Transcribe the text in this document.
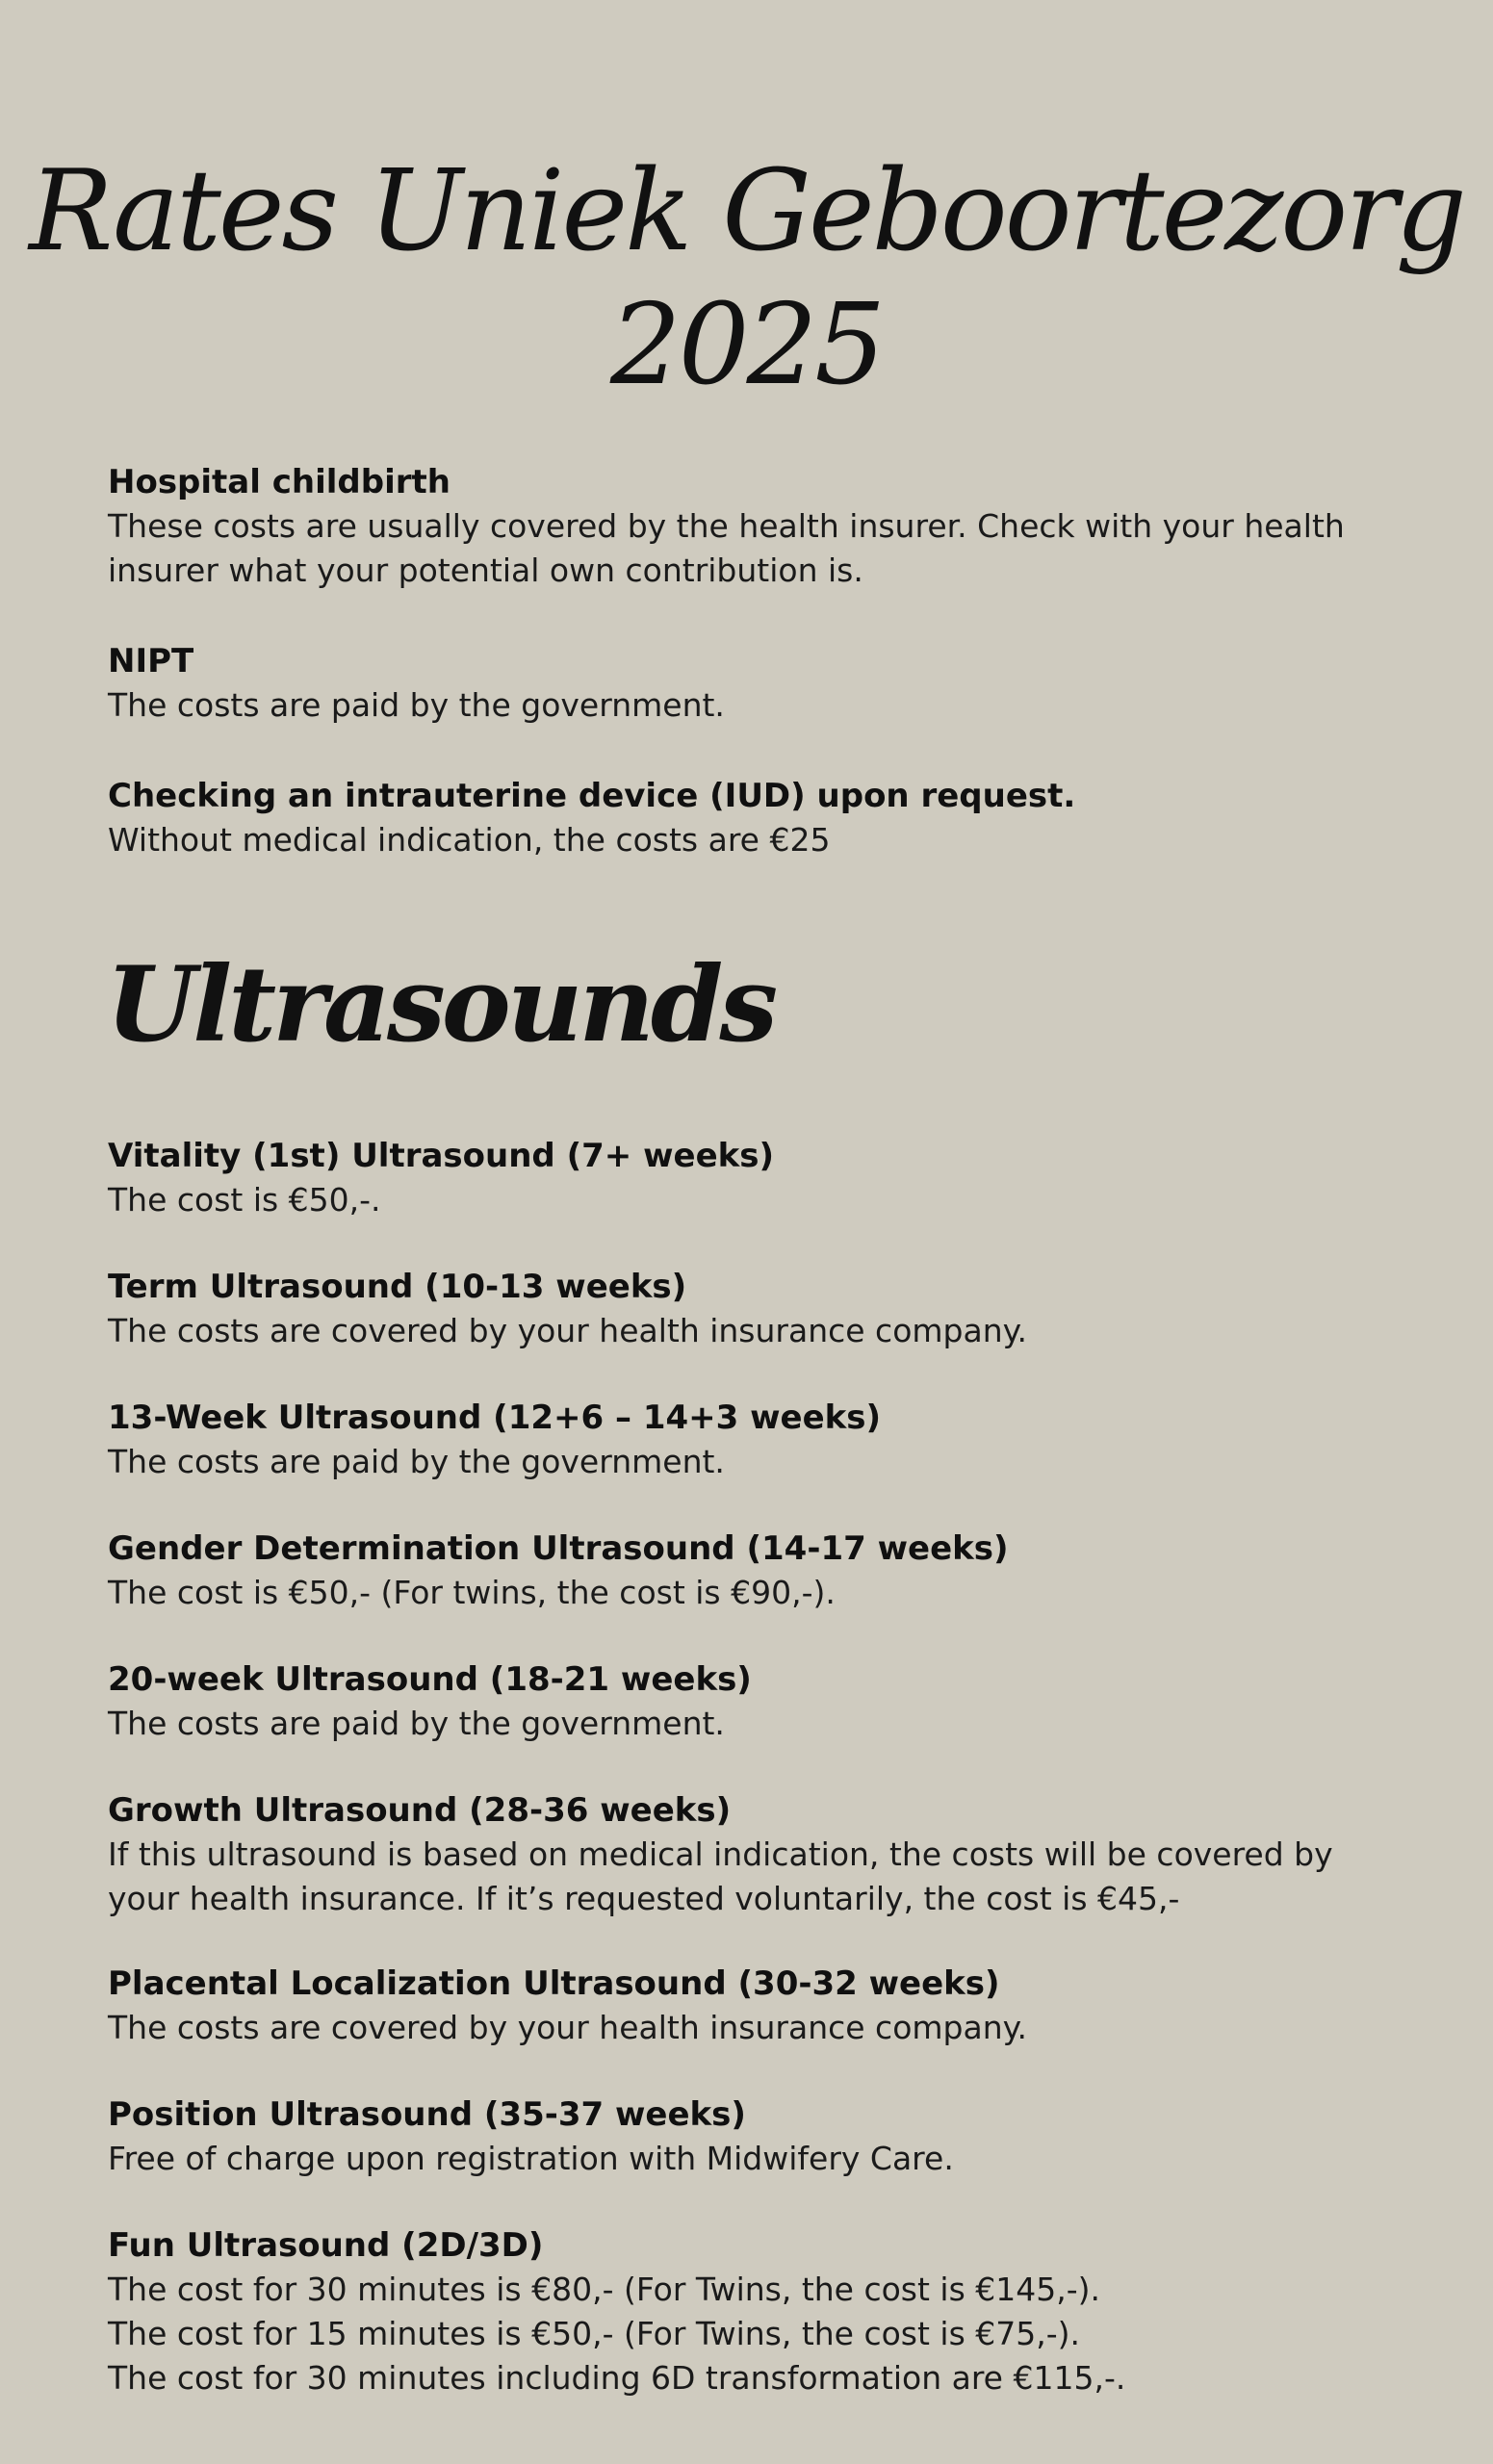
Rates Uniek Geboortezorg 2025
Hospital childbirth

These costs are usually covered by the health insurer. Check with your health

insurer what your potential own contribution is.

NIPT

The costs are paid by the government.

Checking an intrauterine device (IUD) upon request.

Without medical indication, the costs are €25

Ultrasounds
Vitality (1st) Ultrasound (7+ weeks)

The cost is €50,-.

Term Ultrasound (10-13 weeks)

The costs are covered by your health insurance company.

13-Week Ultrasound (12+6 – 14+3 weeks)

The costs are paid by the government.

Gender Determination Ultrasound (14-17 weeks)

The cost is €50,- (For twins, the cost is €90,-).

20-week Ultrasound (18-21 weeks)

The costs are paid by the government.

Growth Ultrasound (28-36 weeks)

If this ultrasound is based on medical indication, the costs will be covered by

your health insurance. If it’s requested voluntarily, the cost is €45,-

Placental Localization Ultrasound (30-32 weeks)

The costs are covered by your health insurance company.

Position Ultrasound (35-37 weeks)

Free of charge upon registration with Midwifery Care.

Fun Ultrasound (2D/3D)

The cost for 30 minutes is €80,- (For Twins, the cost is €145,-).

The cost for 15 minutes is €50,- (For Twins, the cost is €75,-).

The cost for 30 minutes including 6D transformation are €115,-.
